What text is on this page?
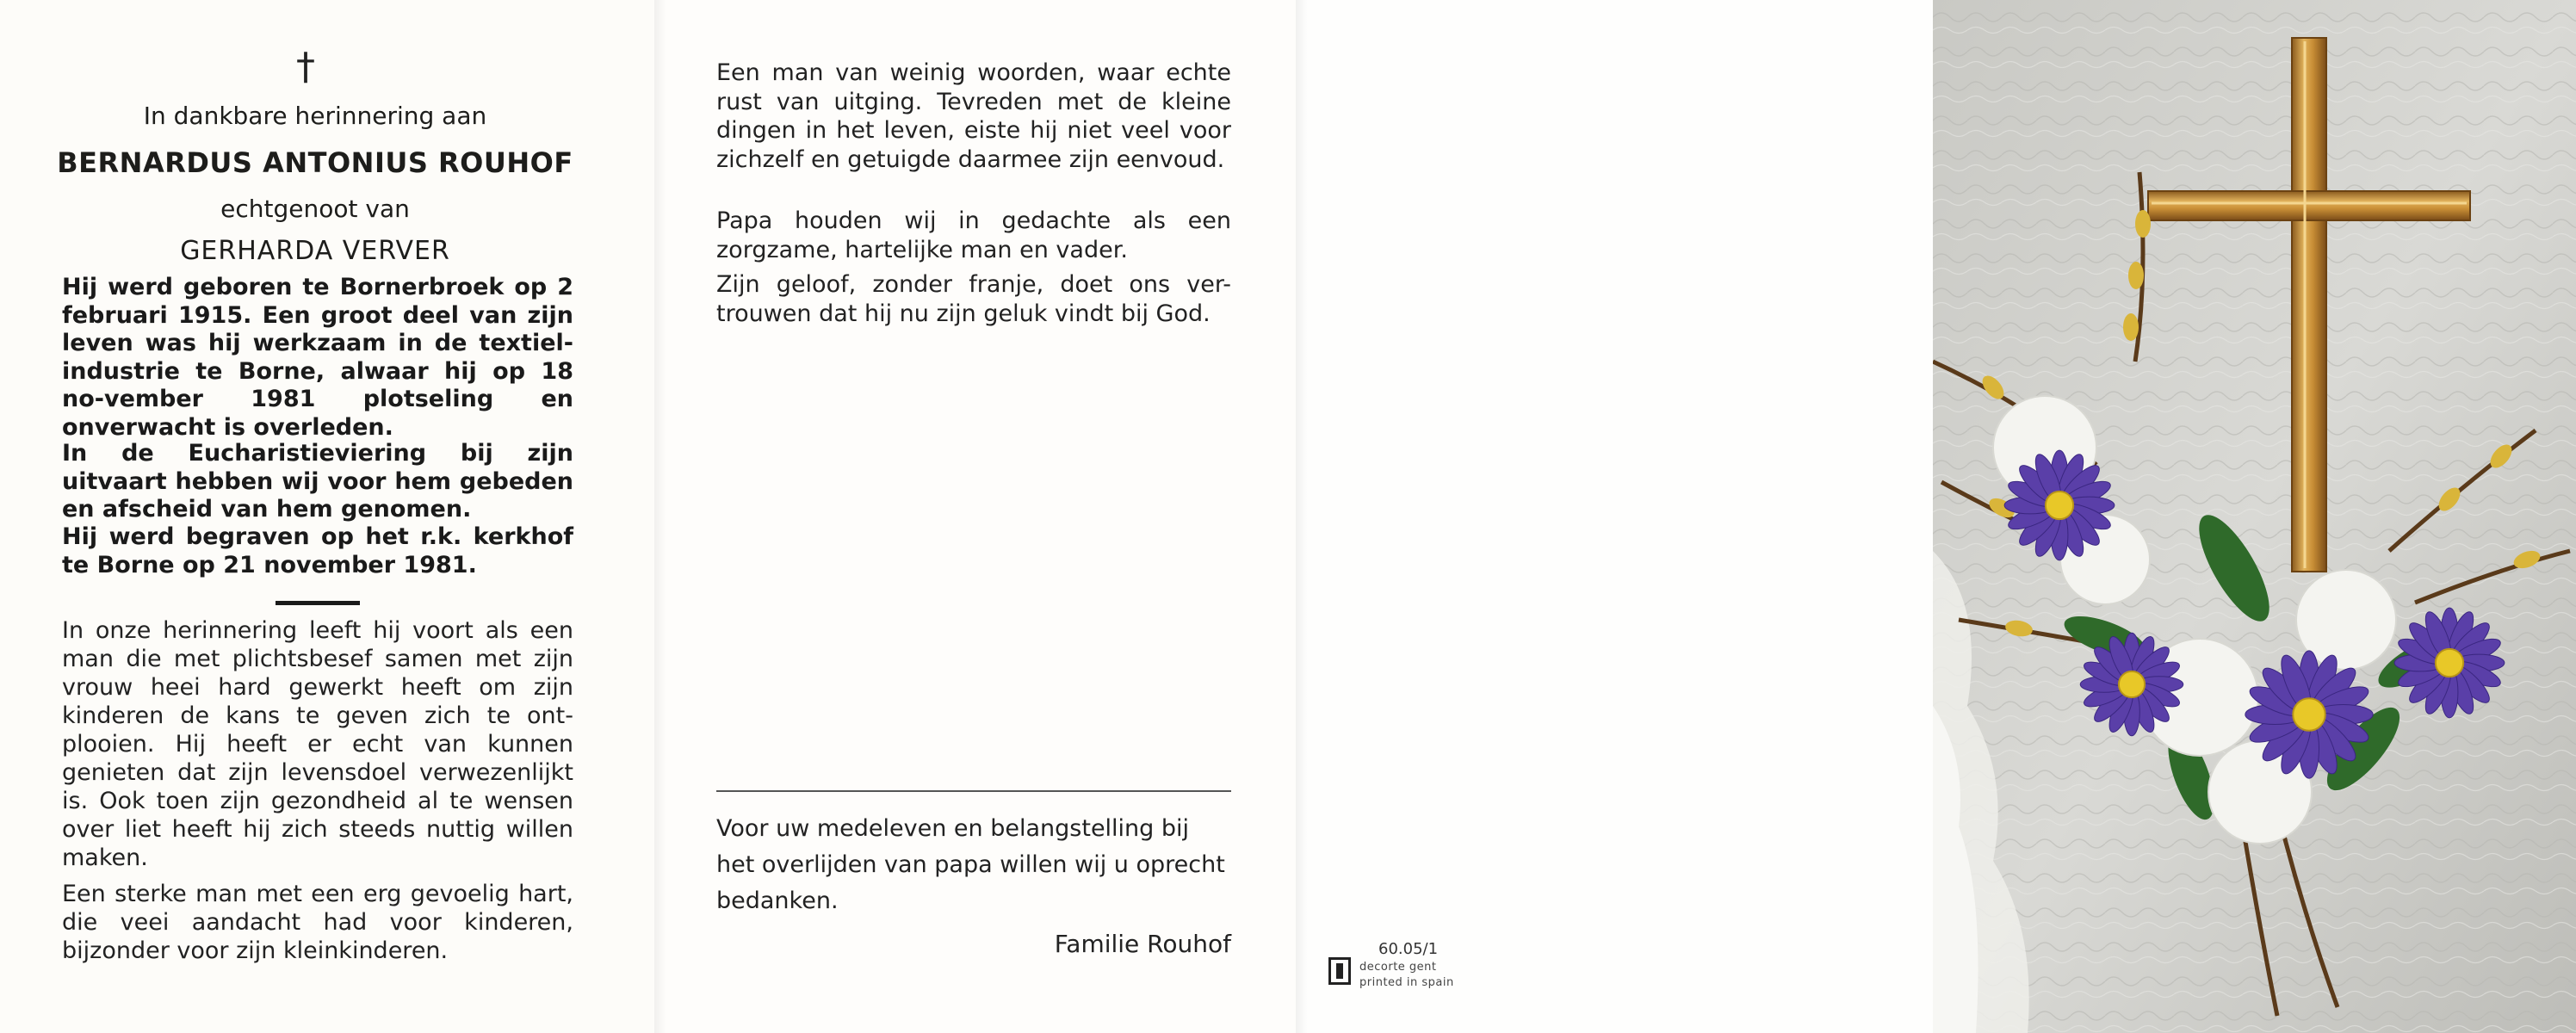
†
In dankbare herinnering aan
BERNARDUS ANTONIUS ROUHOF
echtgenoot van
GERHARDA VERVER
Hij werd geboren te Bornerbroek op 2 februari 1915. Een groot deel van zijn leven was hij werkzaam in de textiel-industrie te Borne, alwaar hij op 18 no-vember 1981 plotseling en onverwacht is overleden.
In de Eucharistieviering bij zijn uitvaart hebben wij voor hem gebeden en afscheid van hem genomen.
Hij werd begraven op het r.k. kerkhof te Borne op 21 november 1981.
In onze herinnering leeft hij voort als een man die met plichtsbesef samen met zijn vrouw heei hard gewerkt heeft om zijn kinderen de kans te geven zich te ont-plooien. Hij heeft er echt van kunnen genieten dat zijn levensdoel verwezenlijkt is. Ook toen zijn gezondheid al te wensen over liet heeft hij zich steeds nuttig willen maken.
Een sterke man met een erg gevoelig hart, die veei aandacht had voor kinderen, bijzonder voor zijn kleinkinderen.
Een man van weinig woorden, waar echte rust van uitging. Tevreden met de kleine dingen in het leven, eiste hij niet veel voor zichzelf en getuigde daarmee zijn eenvoud.
Papa houden wij in gedachte als een zorgzame, hartelijke man en vader.
Zijn geloof, zonder franje, doet ons ver-trouwen dat hij nu zijn geluk vindt bij God.
Voor uw medeleven en belangstelling bij het overlijden van papa willen wij u oprecht bedanken.
Familie Rouhof	60.05/1
decorte gent
printed in spain
